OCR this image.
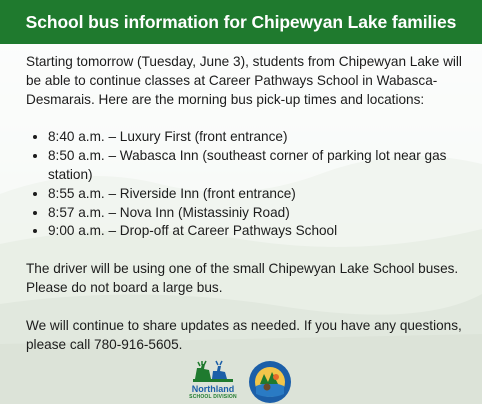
School bus information for Chipewyan Lake families

Starting tomorrow (Tuesday, June 3), students from Chipewyan Lake will be able to continue classes at Career Pathways School in Wabasca-Desmarais. Here are the morning bus pick-up times and locations:

• 8:40 a.m. – Luxury First (front entrance)
• 8:50 a.m. – Wabasca Inn (southeast corner of parking lot near gas station)
• 8:55 a.m. – Riverside Inn (front entrance)
• 8:57 a.m. – Nova Inn (Mistassiniy Road)
• 9:00 a.m. – Drop-off at Career Pathways School

The driver will be using one of the small Chipewyan Lake School buses. Please do not board a large bus.

We will continue to share updates as needed. If you have any questions, please call 780-916-5605.

Northland
SCHOOL DIVISION
